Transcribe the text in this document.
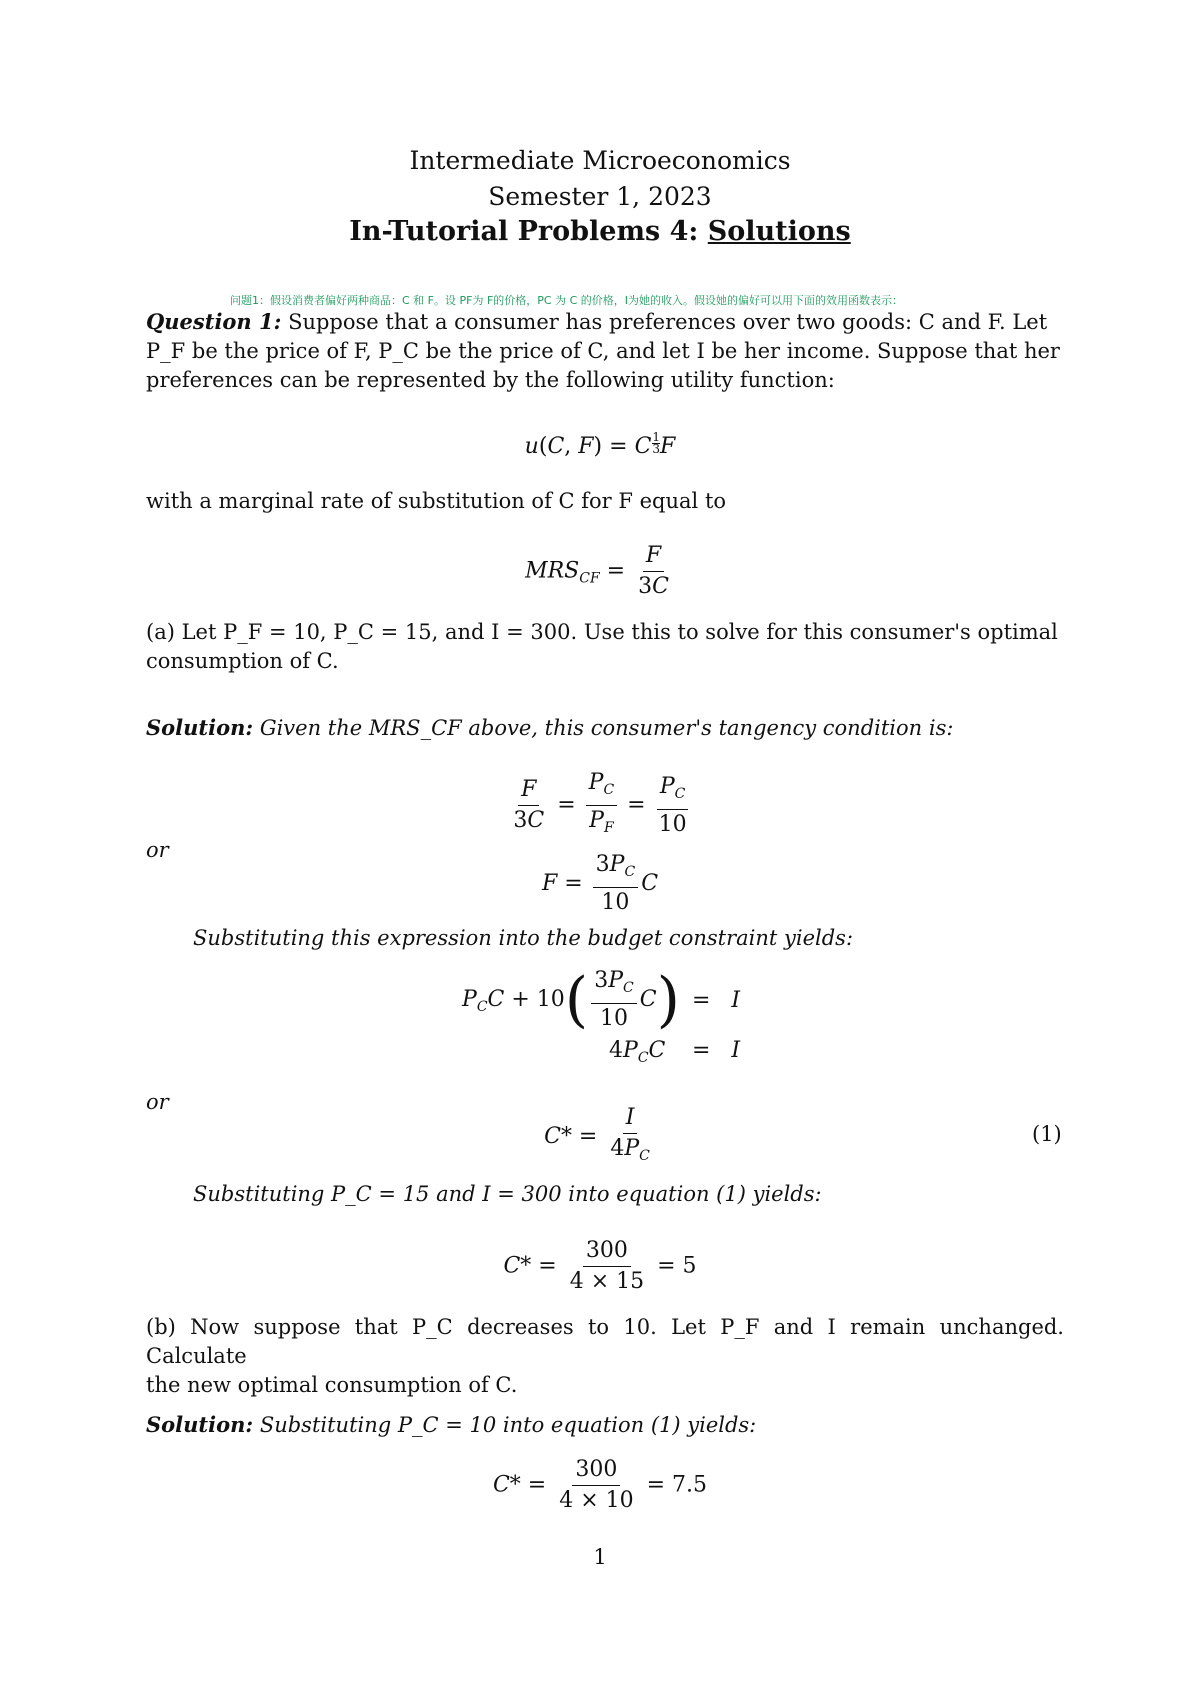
Intermediate Microeconomics
Semester 1, 2023
In-Tutorial Problems 4: Solutions
问题1：假设消费者偏好两种商品：C 和 F。设 PF为 F的价格，PC 为 C 的价格，I为她的收入。假设她的偏好可以用下面的效用函数表示：
Question 1: Suppose that a consumer has preferences over two goods: C and F. Let
P_F be the price of F, P_C be the price of C, and let I be her income. Suppose that her
preferences can be represented by the following utility function:
u(C, F) = C $\frac{1}{3}$ F
with a marginal rate of substitution of C for F equal to
$MRS_{CF} = \frac{F}{3C}$
(a) Let P_F = 10, P_C = 15, and I = 300. Use this to solve for this consumer's optimal
consumption of C.
Solution: Given the MRS_CF above, this consumer's tangency condition is:
$\frac{F}{3C} = \frac{P_C}{P_F} = \frac{P_C}{10}$
or
$F = \frac{3P_C}{10}$ C
Substituting this expression into the budget constraint yields:
$P_CC + 10( \frac{3P_C}{10} C) = I$
$4P_CC = I$
or
$C* = \frac{I}{4P_C}$	(1)
Substituting P_C = 15 and I = 300 into equation (1) yields:
$C* = \frac{300}{4 \times 15} = 5$
(b) Now suppose that P_C decreases to 10. Let P_F and I remain unchanged. Calculate
the new optimal consumption of C.
Solution: Substituting P_C = 10 into equation (1) yields:
$C* = \frac{300}{4 \times 10} = 7.5$
1
